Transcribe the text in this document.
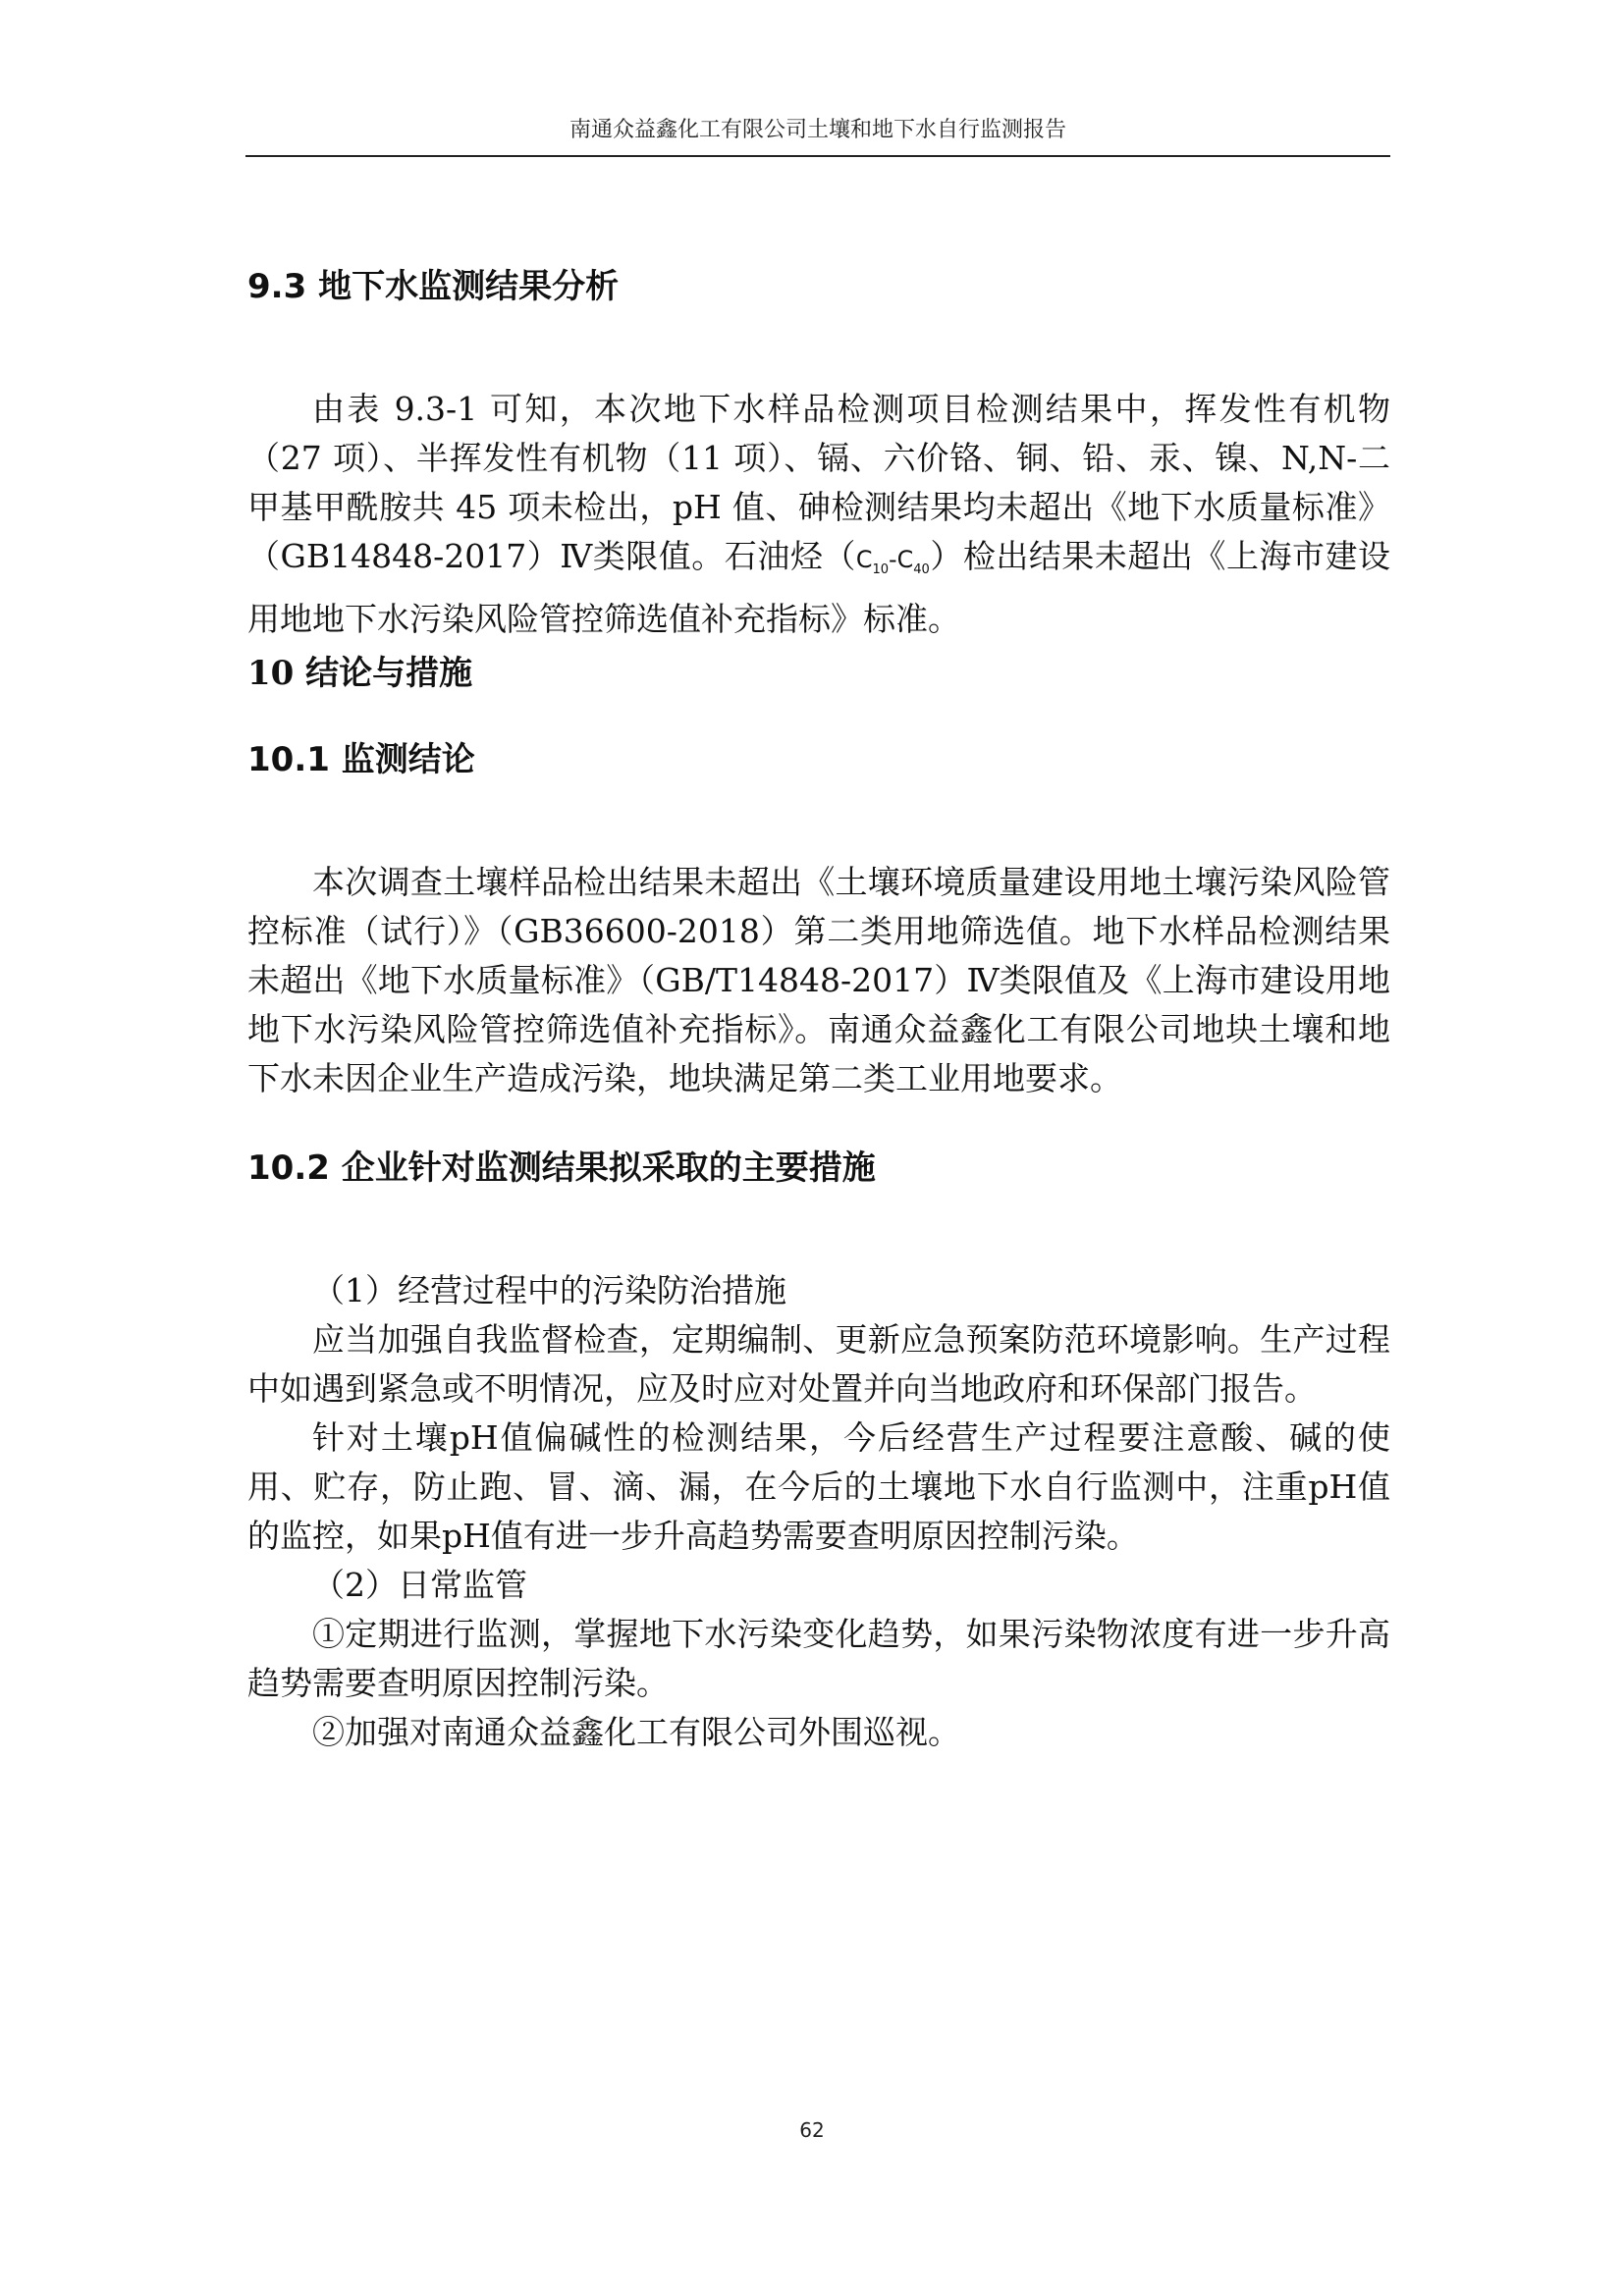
南通众益鑫化工有限公司土壤和地下水自行监测报告
9.3 地下水监测结果分析

由表 9.3-1 可知，本次地下水样品检测项目检测结果中，挥发性有机物（27 项）、半挥发性有机物（11 项）、镉、六价铬、铜、铅、汞、镍、N,N-二甲基甲酰胺共 45 项未检出，pH 值、砷检测结果均未超出《地下水质量标准》（GB14848-2017）Ⅳ类限值。石油烃$(C_{10}-C_{40})$检出结果未超出《上海市建设用地地下水污染风险管控筛选值补充指标》标准。

10 结论与措施
10.1 监测结论

本次调查土壤样品检出结果未超出《土壤环境质量建设用地土壤污染风险管控标准（试行）》（GB36600-2018）第二类用地筛选值。地下水样品检测结果未超出《地下水质量标准》（GB/T14848-2017）Ⅳ类限值及《上海市建设用地地下水污染风险管控筛选值补充指标》。南通众益鑫化工有限公司地块土壤和地下水未因企业生产造成污染，地块满足第二类工业用地要求。

10.2 企业针对监测结果拟采取的主要措施

（1）经营过程中的污染防治措施

应当加强自我监督检查，定期编制、更新应急预案防范环境影响。生产过程中如遇到紧急或不明情况，应及时应对处置并向当地政府和环保部门报告。

针对土壤pH值偏碱性的检测结果，今后经营生产过程要注意酸、碱的使用、贮存，防止跑、冒、滴、漏，在今后的土壤地下水自行监测中，注重pH值的监控，如果pH值有进一步升高趋势需要查明原因控制污染。

（2）日常监管

①定期进行监测，掌握地下水污染变化趋势，如果污染物浓度有进一步升高趋势需要查明原因控制污染。

②加强对南通众益鑫化工有限公司外围巡视。

62
